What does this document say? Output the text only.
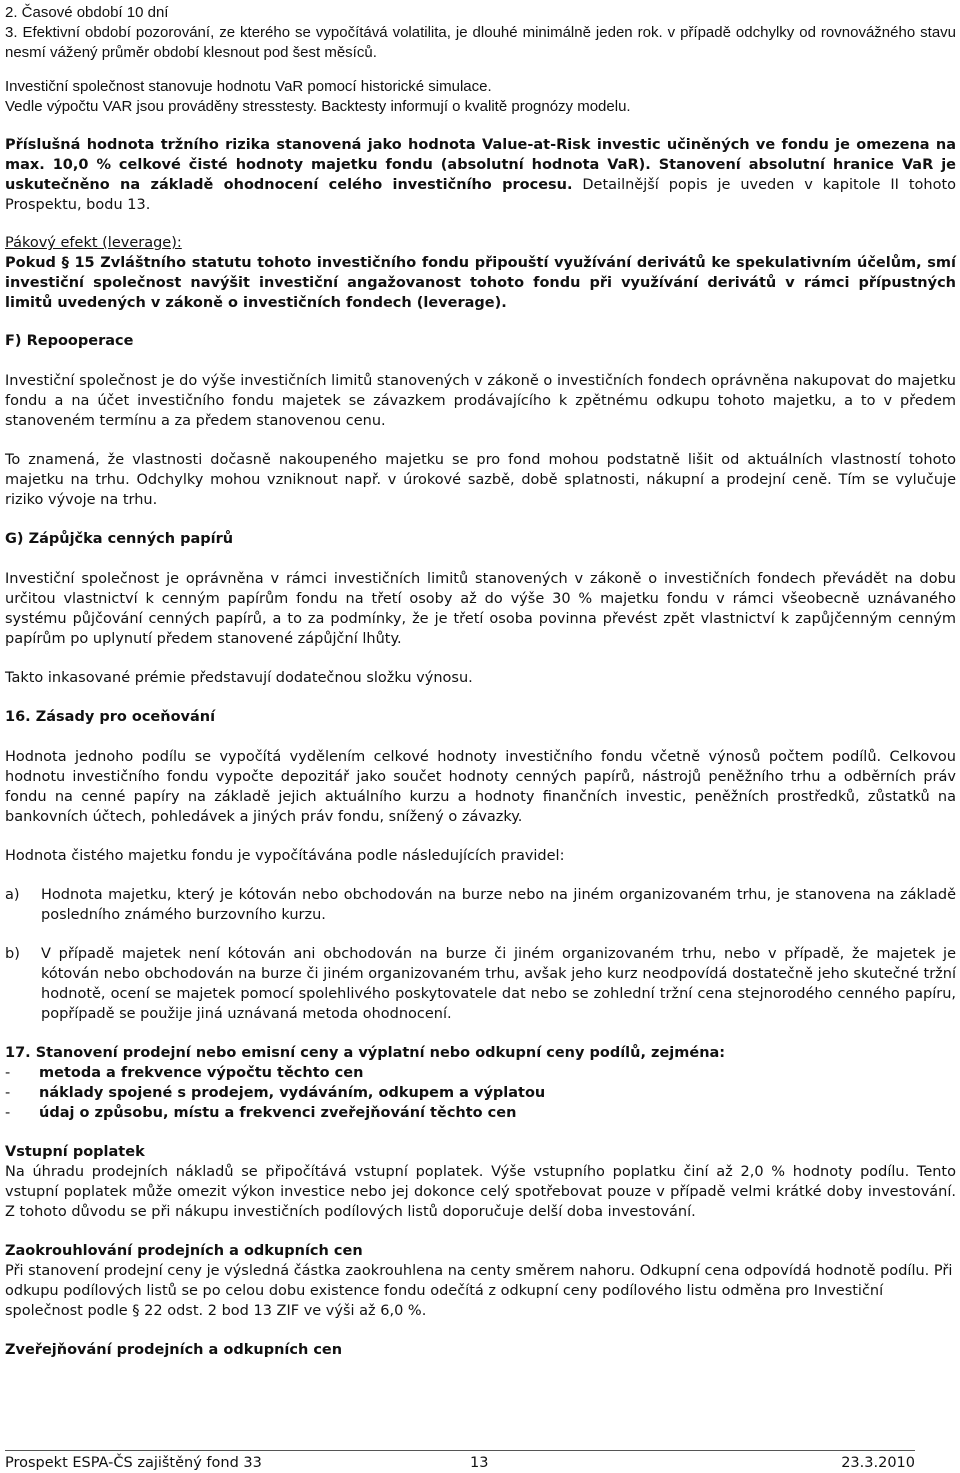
2. Časové období 10 dní

3. Efektivní období pozorování, ze kterého se vypočítává volatilita, je dlouhé minimálně jeden rok. v případě odchylky od rovnovážného stavu nesmí vážený průměr období klesnout pod šest měsíců.

Investiční společnost stanovuje hodnotu VaR pomocí historické simulace.

Vedle výpočtu VAR jsou prováděny stresstesty. Backtesty informují o kvalitě prognózy modelu.

Příslušná hodnota tržního rizika stanovená jako hodnota Value-at-Risk investic učiněných ve fondu je omezena na max. 10,0 % celkové čisté hodnoty majetku fondu (absolutní hodnota VaR). Stanovení absolutní hranice VaR je uskutečněno na základě ohodnocení celého investičního procesu. Detailnější popis je uveden v kapitole II tohoto Prospektu, bodu 13.

Pákový efekt (leverage):

Pokud § 15 Zvláštního statutu tohoto investičního fondu připouští využívání derivátů ke spekulativním účelům, smí investiční společnost navýšit investiční angažovanost tohoto fondu při využívání derivátů v rámci přípustných limitů uvedených v zákoně o investičních fondech (leverage).

F) Repooperace

Investiční společnost je do výše investičních limitů stanovených v zákoně o investičních fondech oprávněna nakupovat do majetku fondu a na účet investičního fondu majetek se závazkem prodávajícího k zpětnému odkupu tohoto majetku, a to v předem stanoveném termínu a za předem stanovenou cenu.

To znamená, že vlastnosti dočasně nakoupeného majetku se pro fond mohou podstatně lišit od aktuálních vlastností tohoto majetku na trhu. Odchylky mohou vzniknout např. v úrokové sazbě, době splatnosti, nákupní a prodejní ceně. Tím se vylučuje riziko vývoje na trhu.

G) Zápůjčka cenných papírů

Investiční společnost je oprávněna v rámci investičních limitů stanovených v zákoně o investičních fondech převádět na dobu určitou vlastnictví k cenným papírům fondu na třetí osoby až do výše 30 % majetku fondu v rámci všeobecně uznávaného systému půjčování cenných papírů, a to za podmínky, že je třetí osoba povinna převést zpět vlastnictví k zapůjčenným cenným papírům po uplynutí předem stanovené zápůjční lhůty.

Takto inkasované prémie představují dodatečnou složku výnosu.

16. Zásady pro oceňování

Hodnota jednoho podílu se vypočítá vydělením celkové hodnoty investičního fondu včetně výnosů počtem podílů. Celkovou hodnotu investičního fondu vypočte depozitář jako součet hodnoty cenných papírů, nástrojů peněžního trhu a odběrních práv fondu na cenné papíry na základě jejich aktuálního kurzu a hodnoty finančních investic, peněžních prostředků, zůstatků na bankovních účtech, pohledávek a jiných práv fondu, snížený o závazky.

Hodnota čistého majetku fondu je vypočítávána podle následujících pravidel:

a)	Hodnota majetku, který je kótován nebo obchodován na burze nebo na jiném organizovaném trhu, je stanovena na základě posledního známého burzovního kurzu.
b)	V případě majetek není kótován ani obchodován na burze či jiném organizovaném trhu, nebo v případě, že majetek je kótován nebo obchodován na burze či jiném organizovaném trhu, avšak jeho kurz neodpovídá dostatečně jeho skutečné tržní hodnotě, ocení se majetek pomocí spolehlivého poskytovatele dat nebo se zohlední tržní cena stejnorodého cenného papíru, popřípadě se použije jiná uznávaná metoda ohodnocení.

17. Stanovení prodejní nebo emisní ceny a výplatní nebo odkupní ceny podílů, zejména:

-	metoda a frekvence výpočtu těchto cen
-	náklady spojené s prodejem, vydáváním, odkupem a výplatou
-	údaj o způsobu, místu a frekvenci zveřejňování těchto cen

Vstupní poplatek

Na úhradu prodejních nákladů se připočítává vstupní poplatek. Výše vstupního poplatku činí až 2,0 % hodnoty podílu. Tento vstupní poplatek může omezit výkon investice nebo jej dokonce celý spotřebovat pouze v případě velmi krátké doby investování. Z tohoto důvodu se při nákupu investičních podílových listů doporučuje delší doba investování.

Zaokrouhlování prodejních a odkupních cen

Při stanovení prodejní ceny je výsledná částka zaokrouhlena na centy směrem nahoru. Odkupní cena odpovídá hodnotě podílu. Při odkupu podílových listů se po celou dobu existence fondu odečítá z odkupní ceny podílového listu odměna pro Investiční společnost podle § 22 odst. 2 bod 13 ZIF ve výši až 6,0 %.

Zveřejňování prodejních a odkupních cen

Prospekt ESPA-ČS zajištěný fond 33	13	23.3.2010
